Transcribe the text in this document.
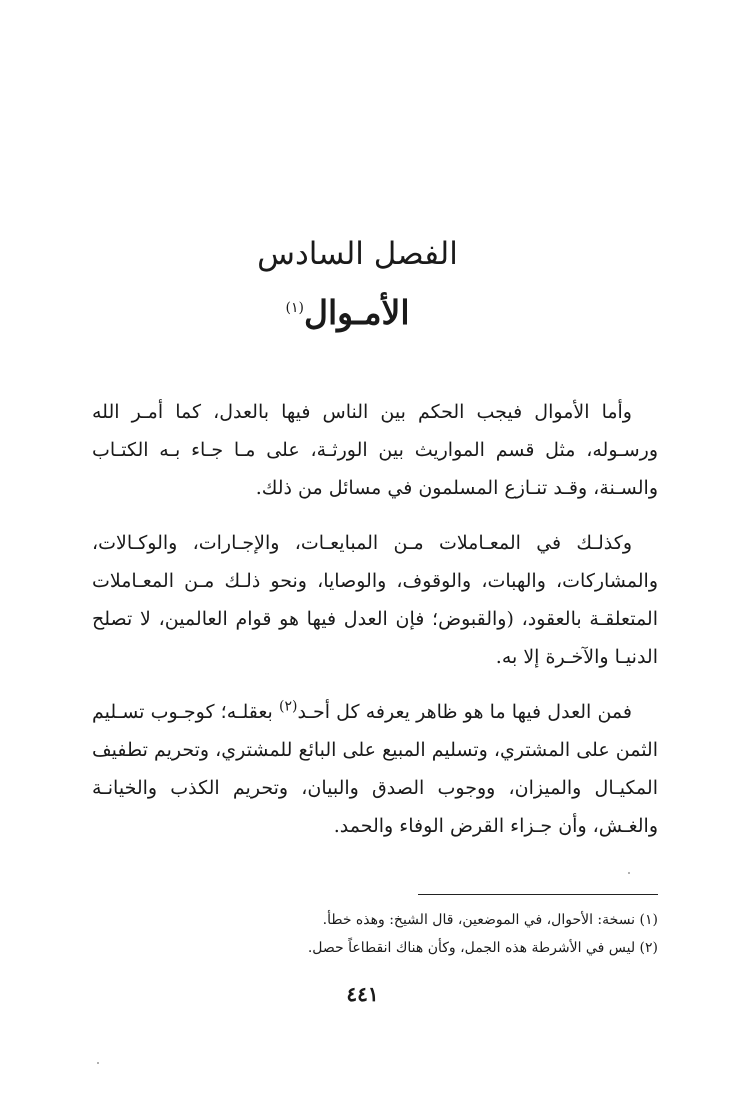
الفصل السادس
الأمـوال$^{(١)}$

وأما الأموال فيجب الحكم بين الناس فيها بالعدل، كما أمـر الله ورسـوله، مثل قسم المواريث بين الورثـة، على مـا جـاء بـه الكتـاب والسـنة، وقـد تنـازع المسلمون في مسائل من ذلك.

وكذلـك في المعـاملات مـن المبايعـات، والإجـارات، والوكـالات، والمشاركات، والهبات، والوقوف، والوصايا، ونحو ذلـك مـن المعـاملات المتعلقـة بالعقود، (والقبوض؛ فإن العدل فيها هو قوام العالمين، لا تصلح الدنيـا والآخـرة إلا به.

فمن العدل فيها ما هو ظاهر يعرفه كل أحـد$^{(٢)}$ بعقلـه؛ كوجـوب تسـليم الثمن على المشتري، وتسليم المبيع على البائع للمشتري، وتحريم تطفيف المكيـال والميزان، ووجوب الصدق والبيان، وتحريم الكذب والخيانـة والغـش، وأن جـزاء القرض الوفاء والحمد.

(١) نسخة: الأحوال، في الموضعين، قال الشيخ: وهذه خطأ.
(٢) ليس في الأشرطة هذه الجمل، وكأن هناك انقطاعاً حصل.
٤٤١
